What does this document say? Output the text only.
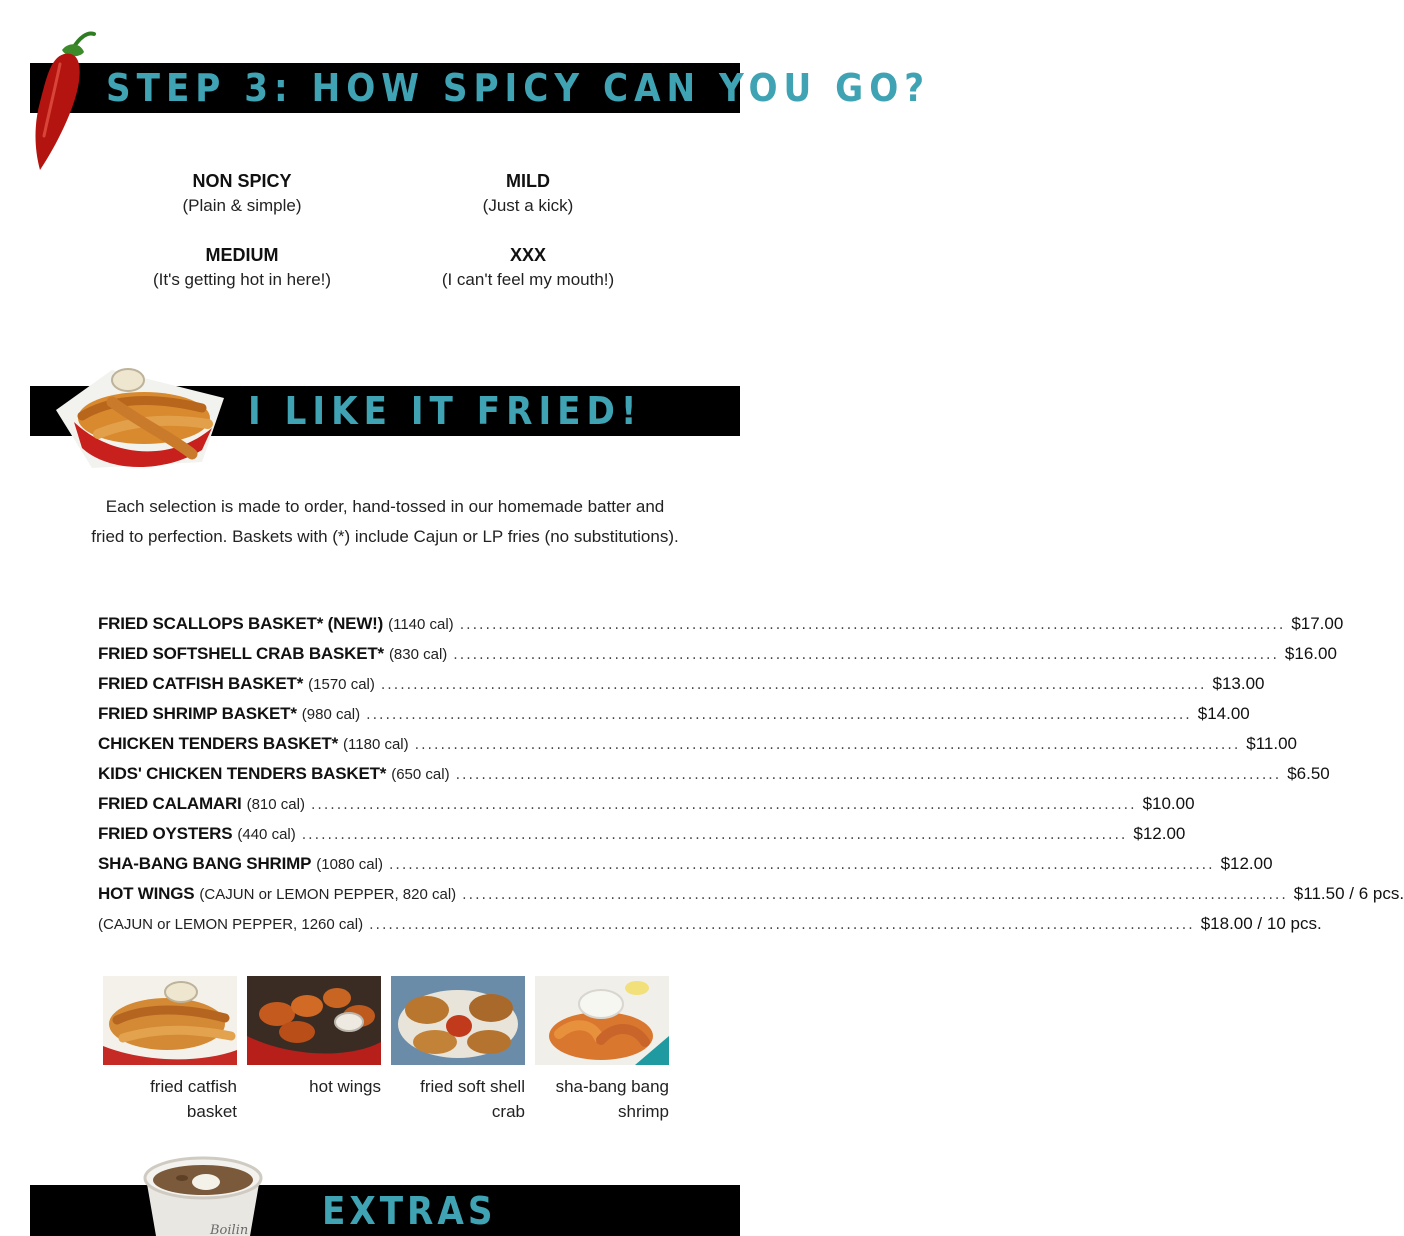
STEP 3: HOW SPICY CAN YOU GO?
NON SPICY
(Plain & simple)
MILD
(Just a kick)
MEDIUM
(It's getting hot in here!)
XXX
(I can't feel my mouth!)
I LIKE IT FRIED!
Each selection is made to order, hand-tossed in our homemade batter and fried to perfection. Baskets with (*) include Cajun or LP fries (no substitutions).
FRIED SCALLOPS BASKET* (NEW!) (1140 cal) .....	$17.00
FRIED SOFTSHELL CRAB BASKET* (830 cal) .....	$16.00
FRIED CATFISH BASKET* (1570 cal) .....	$13.00
FRIED SHRIMP BASKET* (980 cal) .....	$14.00
CHICKEN TENDERS BASKET* (1180 cal) .....	$11.00
KIDS' CHICKEN TENDERS BASKET* (650 cal) .....	$6.50
FRIED CALAMARI (810 cal) .....	$10.00
FRIED OYSTERS (440 cal) .....	$12.00
SHA-BANG BANG SHRIMP (1080 cal) .....	$12.00
HOT WINGS (CAJUN or LEMON PEPPER, 820 cal) .....	$11.50 / 6 pcs.
(CAJUN or LEMON PEPPER, 1260 cal) .....	$18.00 / 10 pcs.
fried catfish
basket
hot wings	fried soft shell
crab
sha-bang bang
shrimp
EXTRAS
Boilin
